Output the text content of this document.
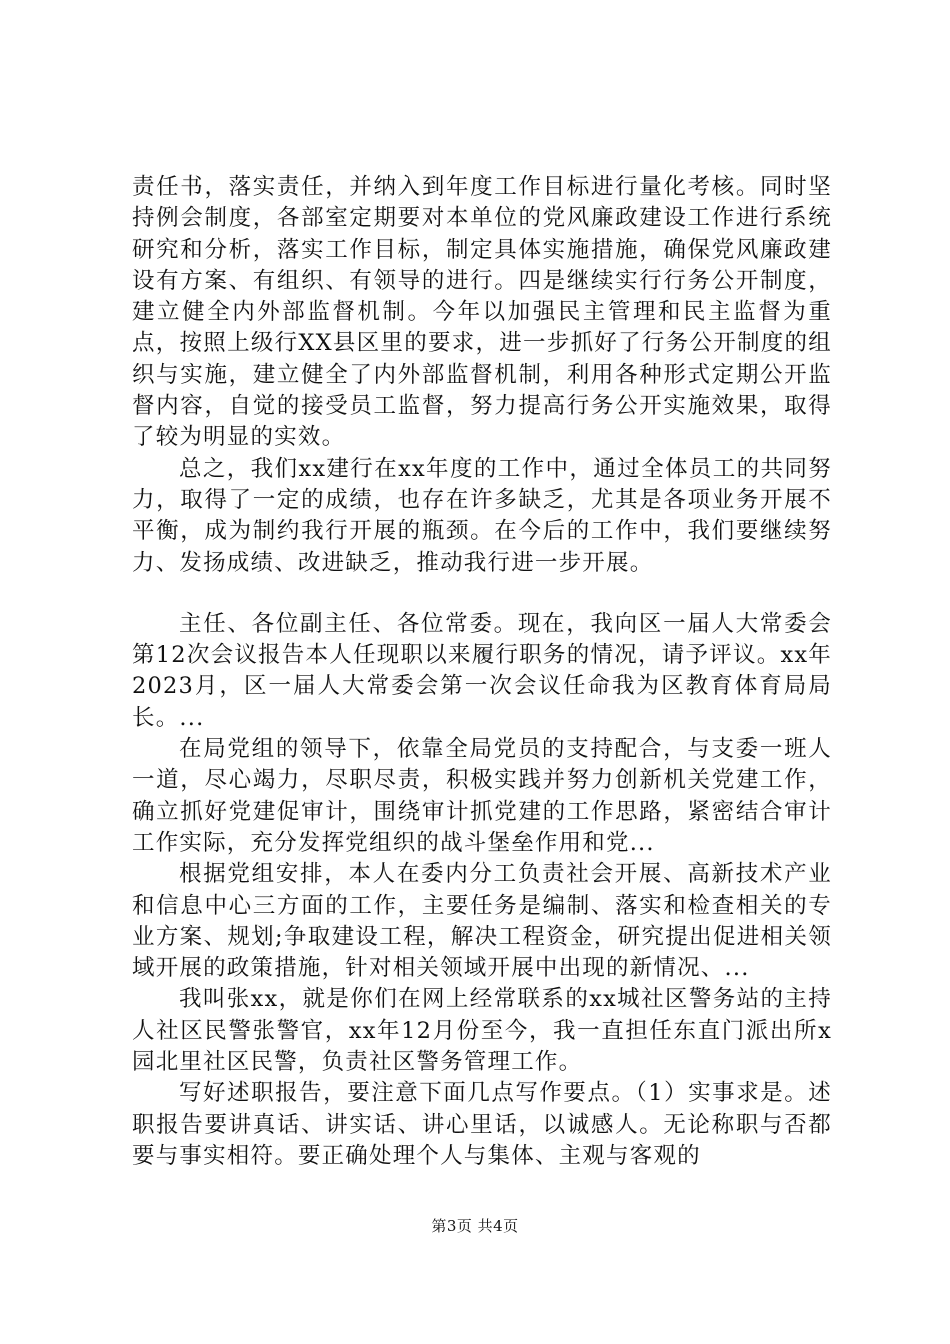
责任书，落实责任，并纳入到年度工作目标进行量化考核。同时坚持例会制度，各部室定期要对本单位的党风廉政建设工作进行系统研究和分析，落实工作目标，制定具体实施措施，确保党风廉政建设有方案、有组织、有领导的进行。四是继续实行行务公开制度，建立健全内外部监督机制。今年以加强民主管理和民主监督为重点，按照上级行XX县区里的要求，进一步抓好了行务公开制度的组织与实施，建立健全了内外部监督机制，利用各种形式定期公开监督内容，自觉的接受员工监督，努力提高行务公开实施效果，取得了较为明显的实效。

总之，我们xx建行在xx年度的工作中，通过全体员工的共同努力，取得了一定的成绩，也存在许多缺乏，尤其是各项业务开展不平衡，成为制约我行开展的瓶颈。在今后的工作中，我们要继续努力、发扬成绩、改进缺乏，推动我行进一步开展。

主任、各位副主任、各位常委。现在，我向区一届人大常委会第12次会议报告本人任现职以来履行职务的情况，请予评议。xx年2023月，区一届人大常委会第一次会议任命我为区教育体育局局长。...

在局党组的领导下，依靠全局党员的支持配合，与支委一班人一道，尽心竭力，尽职尽责，积极实践并努力创新机关党建工作，确立抓好党建促审计，围绕审计抓党建的工作思路，紧密结合审计工作实际，充分发挥党组织的战斗堡垒作用和党...

根据党组安排，本人在委内分工负责社会开展、高新技术产业和信息中心三方面的工作，主要任务是编制、落实和检查相关的专业方案、规划;争取建设工程，解决工程资金，研究提出促进相关领域开展的政策措施，针对相关领域开展中出现的新情况、...

我叫张xx，就是你们在网上经常联系的xx城社区警务站的主持人社区民警张警官，xx年12月份至今，我一直担任东直门派出所x园北里社区民警，负责社区警务管理工作。

写好述职报告，要注意下面几点写作要点。（1）实事求是。述职报告要讲真话、讲实话、讲心里话，以诚感人。无论称职与否都要与事实相符。要正确处理个人与集体、主观与客观的

第3页 共4页
